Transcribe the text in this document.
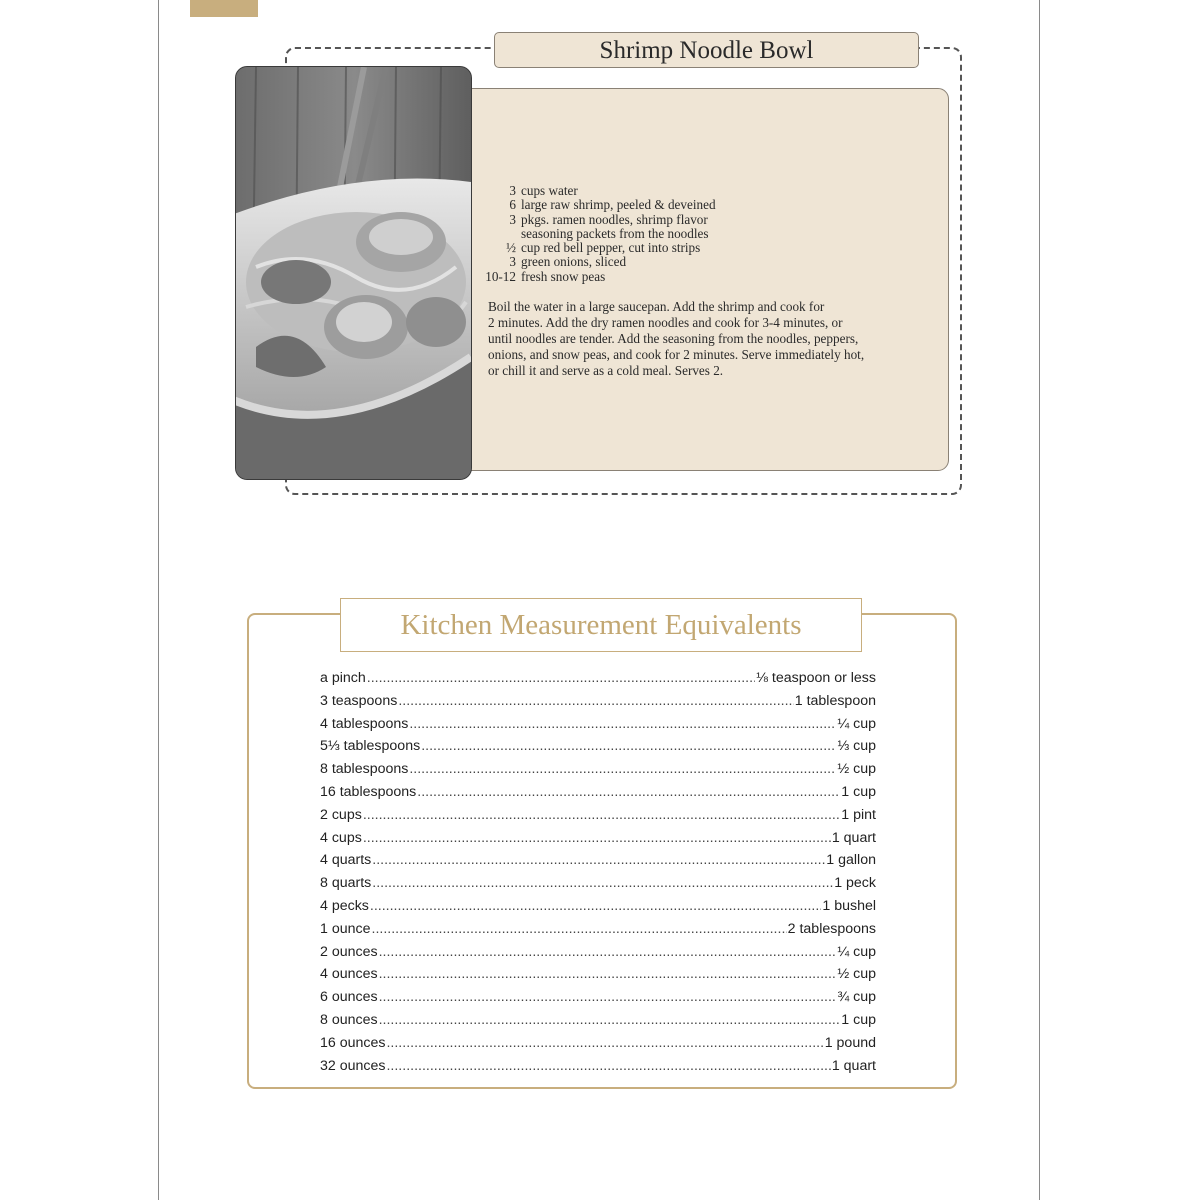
Shrimp Noodle Bowl
3 cups water
6 large raw shrimp, peeled & deveined
3 pkgs. ramen noodles, shrimp flavor
seasoning packets from the noodles
½ cup red bell pepper, cut into strips
3 green onions, sliced
10-12 fresh snow peas

Boil the water in a large saucepan. Add the shrimp and cook for

2 minutes. Add the dry ramen noodles and cook for 3-4 minutes, or

until noodles are tender. Add the seasoning from the noodles, peppers,

onions, and snow peas, and cook for 2 minutes. Serve immediately hot,

or chill it and serve as a cold meal. Serves 2.

Kitchen Measurement Equivalents
a pinch .....	⅛ teaspoon or less
3 teaspoons .....	1 tablespoon
4 tablespoons .....	¼ cup
5⅓ tablespoons .....	⅓ cup
8 tablespoons .....	½ cup
16 tablespoons .....	1 cup
2 cups .....	1 pint
4 cups .....	1 quart
4 quarts .....	1 gallon
8 quarts .....	1 peck
4 pecks .....	1 bushel
1 ounce .....	2 tablespoons
2 ounces .....	¼ cup
4 ounces .....	½ cup
6 ounces .....	¾ cup
8 ounces .....	1 cup
16 ounces .....	1 pound
32 ounces .....	1 quart
